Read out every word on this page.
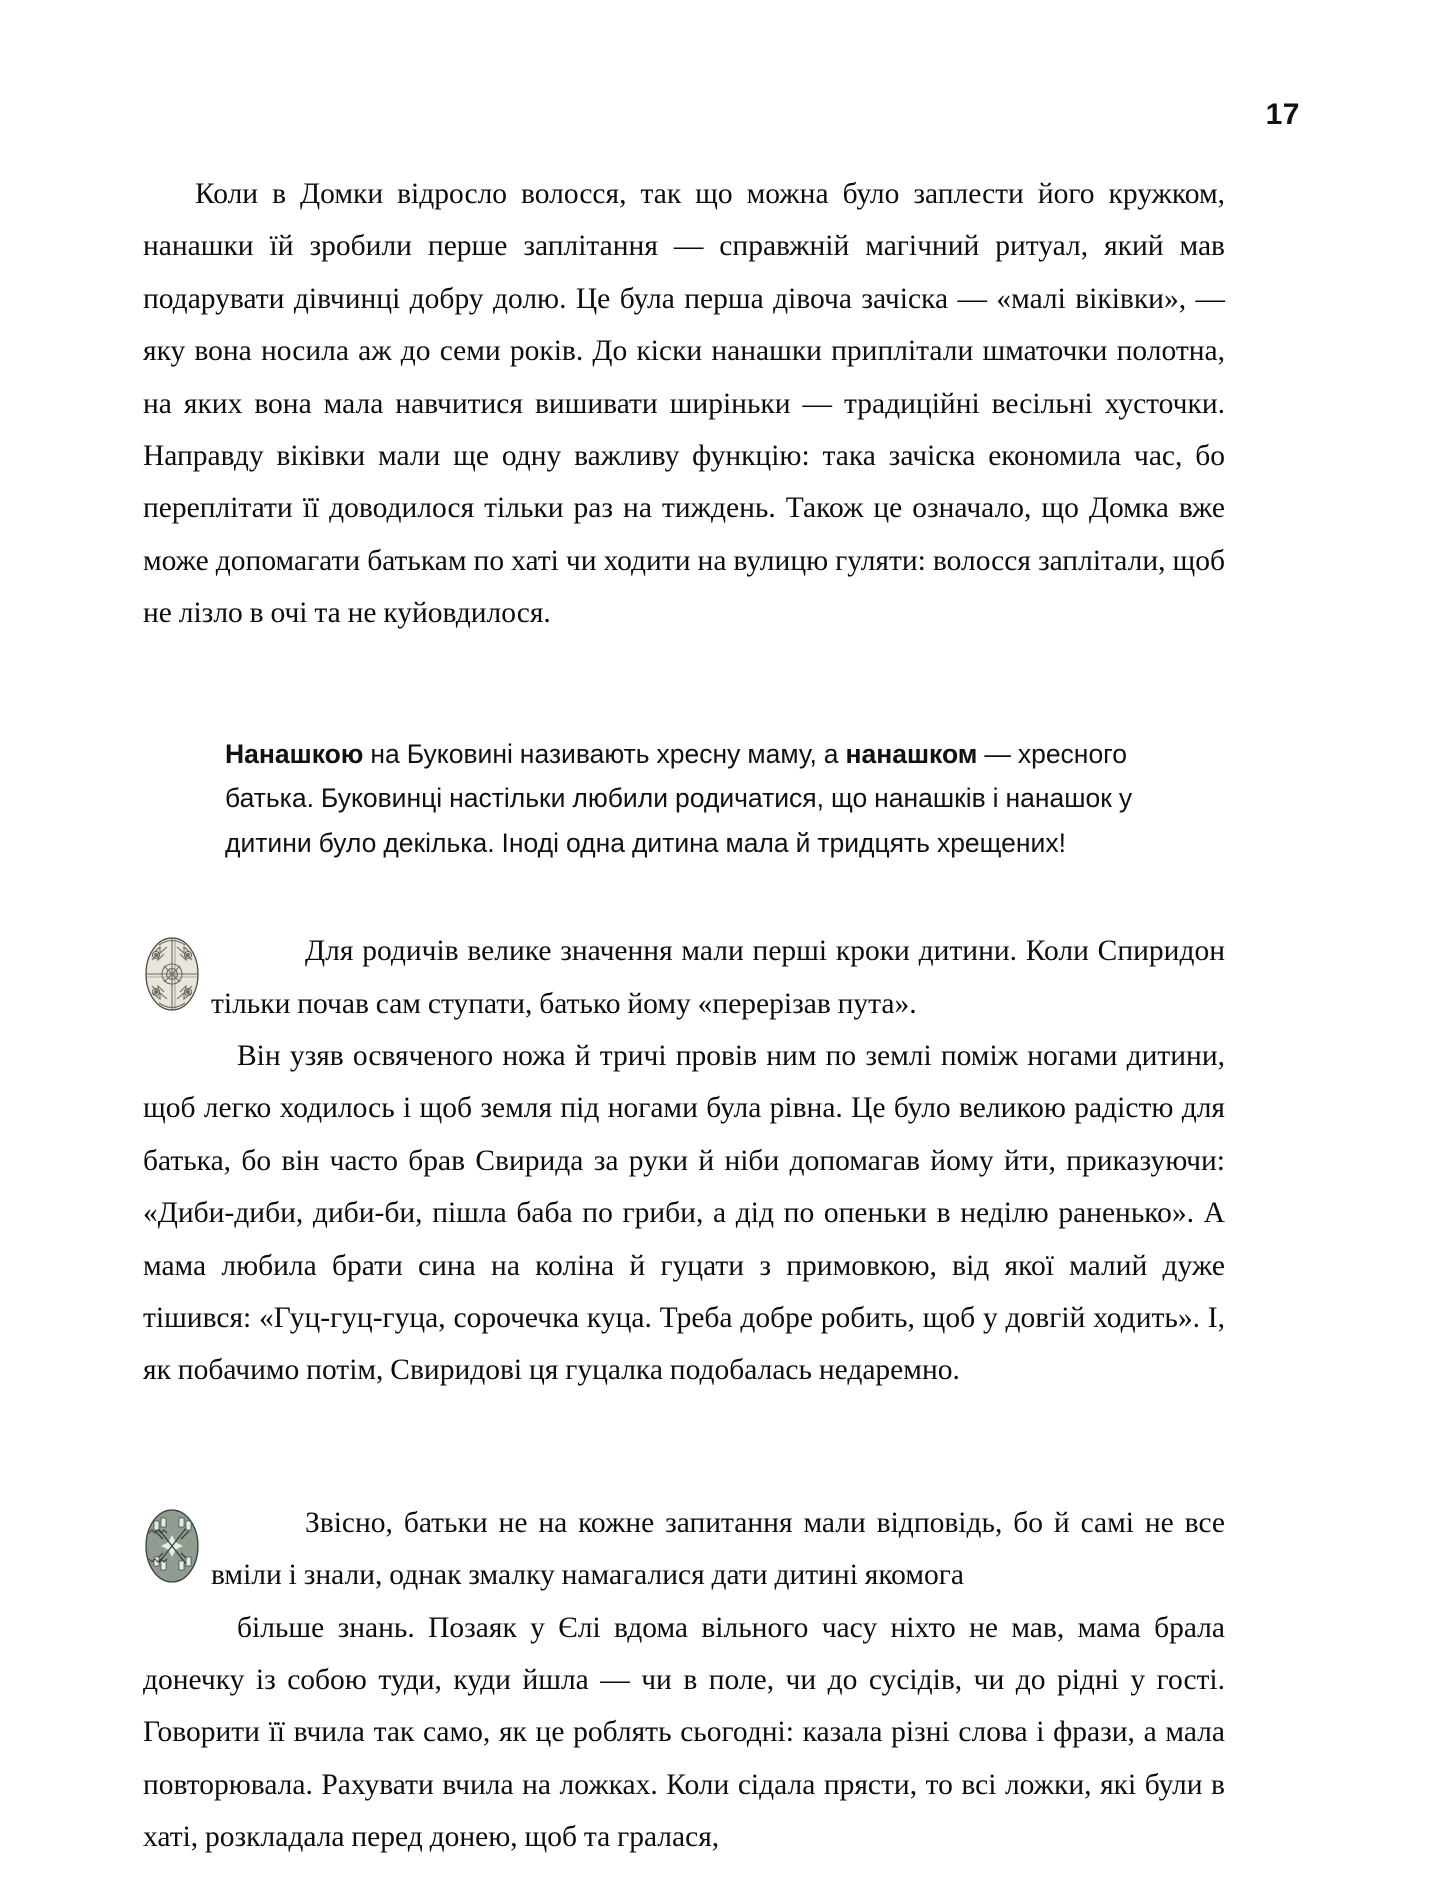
17

Коли в Домки відросло волосся, так що можна було заплести його кружком, нанашки їй зробили перше заплітання — справжній магічний ритуал, який мав подарувати дівчинці добру долю. Це була перша дівоча зачіска — «малі віківки», — яку вона носила аж до семи років. До кіски нанашки приплітали шматочки полотна, на яких вона мала навчитися вишивати ширіньки — традиційні весільні хусточки. Направду віківки мали ще одну важливу функцію: така зачіска економила час, бо переплітати її доводилося тільки раз на тиждень. Також це означало, що Домка вже може допомагати батькам по хаті чи ходити на вулицю гуляти: волосся заплітали, щоб не лізло в очі та не куйовдилося.

Нанашкою на Буковині називають хресну маму, а нанашком — хресного батька. Буковинці настільки любили родичатися, що нанашків і нанашок у дитини було декілька. Іноді одна дитина мала й тридцять хрещених!

Для родичів велике значення мали перші кроки дитини. Коли Спиридон тільки почав сам ступати, батько йому «перерізав пута».

Він узяв освяченого ножа й тричі провів ним по землі поміж ногами дитини, щоб легко ходилось і щоб земля під ногами була рівна. Це було великою радістю для батька, бо він часто брав Свирида за руки й ніби допомагав йому йти, приказуючи: «Диби-диби, диби-би, пішла баба по гриби, а дід по опеньки в неділю раненько». А мама любила брати сина на коліна й гуцати з примовкою, від якої малий дуже тішився: «Гуц-гуц-гуца, сорочечка куца. Треба добре робить, щоб у довгій ходить». І, як побачимо потім, Свиридові ця гуцалка подобалась недаремно.

Звісно, батьки не на кожне запитання мали відповідь, бо й самі не все вміли і знали, однак змалку намагалися дати дитині якомога

більше знань. Позаяк у Єлі вдома вільного часу ніхто не мав, мама брала донечку із собою туди, куди йшла — чи в поле, чи до сусідів, чи до рідні у гості. Говорити її вчила так само, як це роблять сьогодні: казала різні слова і фрази, а мала повторювала. Рахувати вчила на ложках. Коли сідала прясти, то всі ложки, які були в хаті, розкладала перед донею, щоб та гралася,
